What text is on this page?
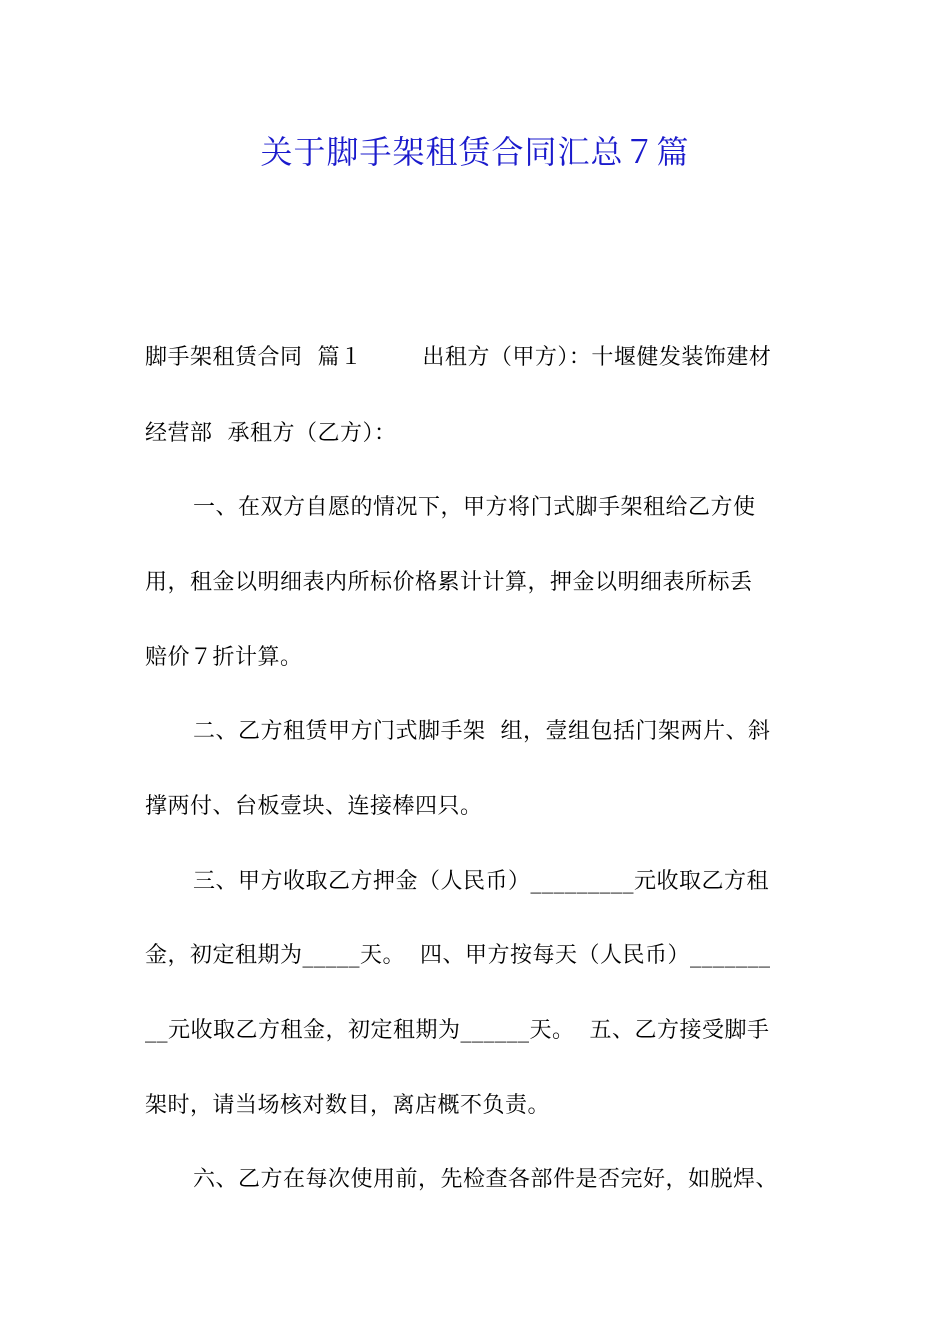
关于脚手架租赁合同汇总７篇
脚手架租赁合同  篇１        出租方（甲方）：十堰健发装饰建材
经营部  承租方（乙方）：
一、在双方自愿的情况下，甲方将门式脚手架租给乙方使
用，租金以明细表内所标价格累计计算，押金以明细表所标丢
赔价７折计算。
二、乙方租赁甲方门式脚手架  组，壹组包括门架两片、斜
撑两付、台板壹块、连接棒四只。
三、甲方收取乙方押金（人民币）_________元收取乙方租
金，初定租期为_____天。  四、甲方按每天（人民币）_______
__元收取乙方租金，初定租期为______天。  五、乙方接受脚手
架时，请当场核对数目，离店概不负责。
六、乙方在每次使用前，先检查各部件是否完好，如脱焊、
